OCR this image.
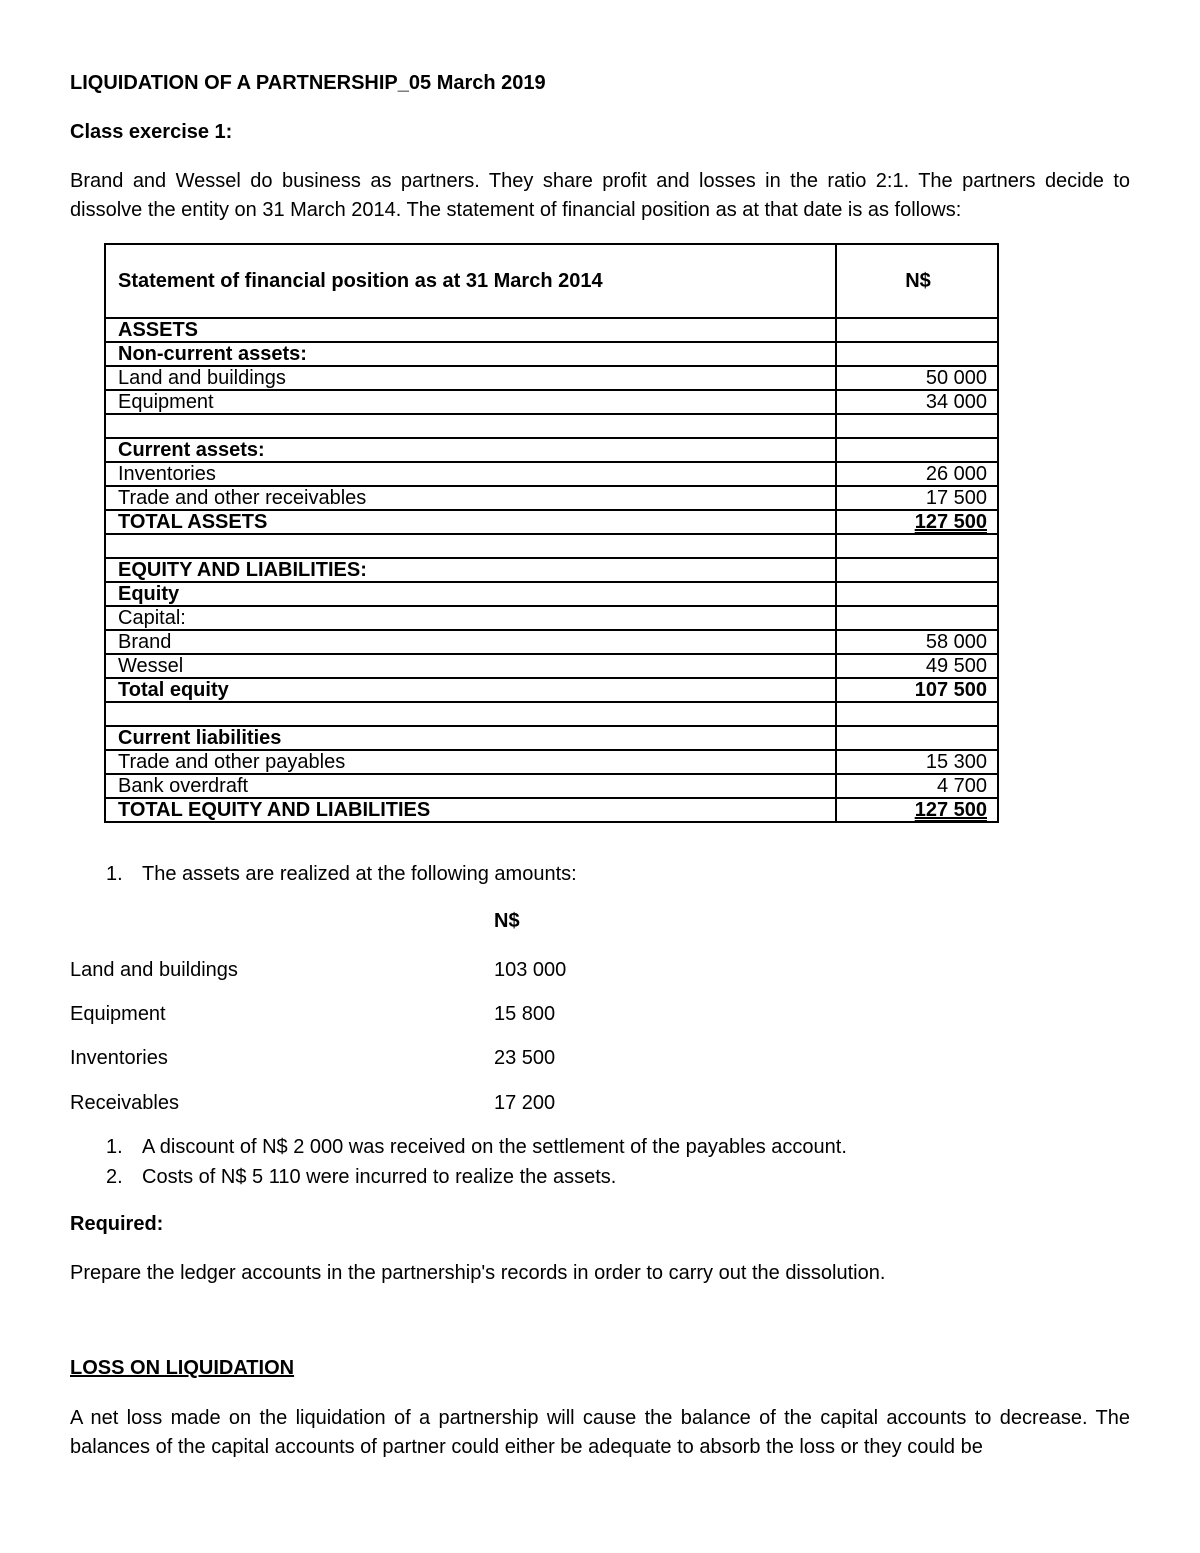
LIQUIDATION OF A PARTNERSHIP_05 March 2019
Class exercise 1:
Brand and Wessel do business as partners. They share profit and losses in the ratio 2:1. The partners decide to dissolve the entity on 31 March 2014. The statement of financial position as at that date is as follows:
Statement of financial position as at 31 March 2014	N$
ASSETS	
Non-current assets:	
Land and buildings	50 000
Equipment	34 000

Current assets:	
Inventories	26 000
Trade and other receivables	17 500
TOTAL ASSETS	127 500

EQUITY AND LIABILITIES:	
Equity	
Capital:	
Brand	58 000
Wessel	49 500
Total equity	107 500

Current liabilities	
Trade and other payables	15 300
Bank overdraft	4 700
TOTAL EQUITY AND LIABILITIES	127 500
1. The assets are realized at the following amounts:
N$
Land and buildings	103 000
Equipment	15 800
Inventories	23 500
Receivables	17 200
1. A discount of N$ 2 000 was received on the settlement of the payables account.
2. Costs of N$ 5 110 were incurred to realize the assets.
Required:
Prepare the ledger accounts in the partnership's records in order to carry out the dissolution.
LOSS ON LIQUIDATION
A net loss made on the liquidation of a partnership will cause the balance of the capital accounts to decrease. The balances of the capital accounts of partner could either be adequate to absorb the loss or they could be
